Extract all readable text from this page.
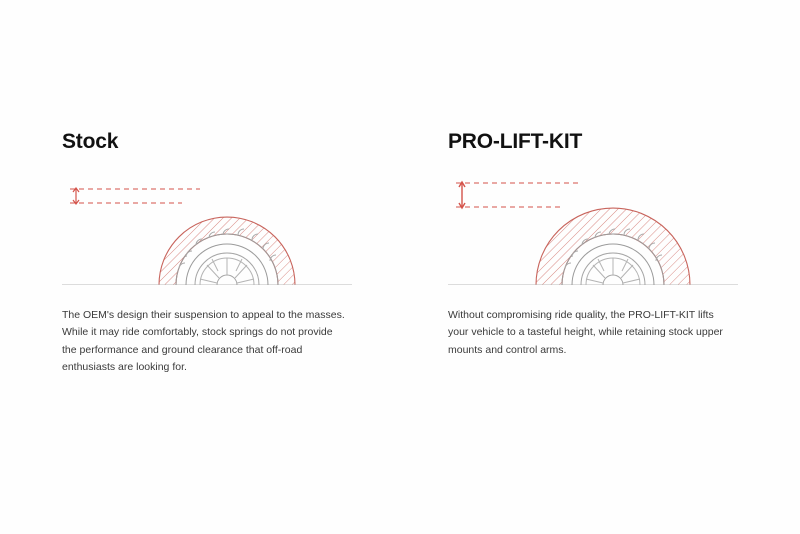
Stock

The OEM's design their suspension to appeal to the masses. While it may ride comfortably, stock springs do not provide the performance and ground clearance that off-road enthusiasts are looking for.

PRO-LIFT-KIT

Without compromising ride quality, the PRO-LIFT-KIT lifts your vehicle to a tasteful height, while retaining stock upper mounts and control arms.
